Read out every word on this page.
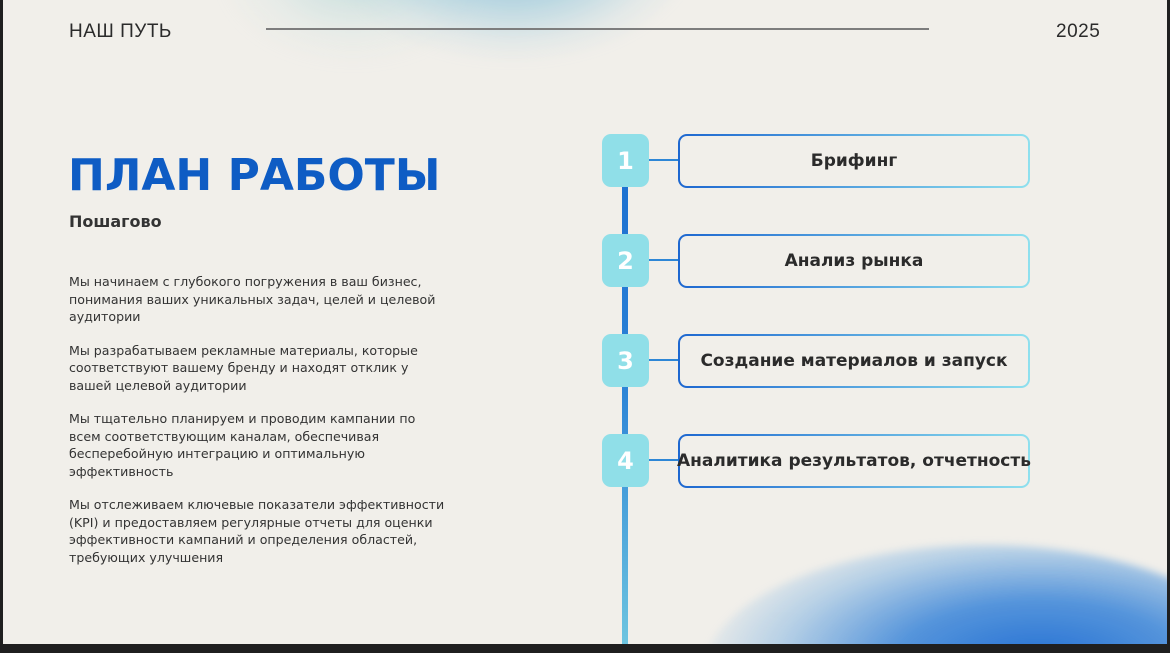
НАШ ПУТЬ	2025
ПЛАН РАБОТЫ
Пошагово

Мы начинаем с глубокого погружения в ваш бизнес, понимания ваших уникальных задач, целей и целевой аудитории

Мы разрабатываем рекламные материалы, которые соответствуют вашему бренду и находят отклик у вашей целевой аудитории

Мы тщательно планируем и проводим кампании по всем соответствующим каналам, обеспечивая бесперебойную интеграцию и оптимальную эффективность

Мы отслеживаем ключевые показатели эффективности (KPI) и предоставляем регулярные отчеты для оценки эффективности кампаний и определения областей, требующих улучшения

1	Брифинг
2	Анализ рынка
3	Создание материалов и запуск
4	Аналитика результатов, отчетность
